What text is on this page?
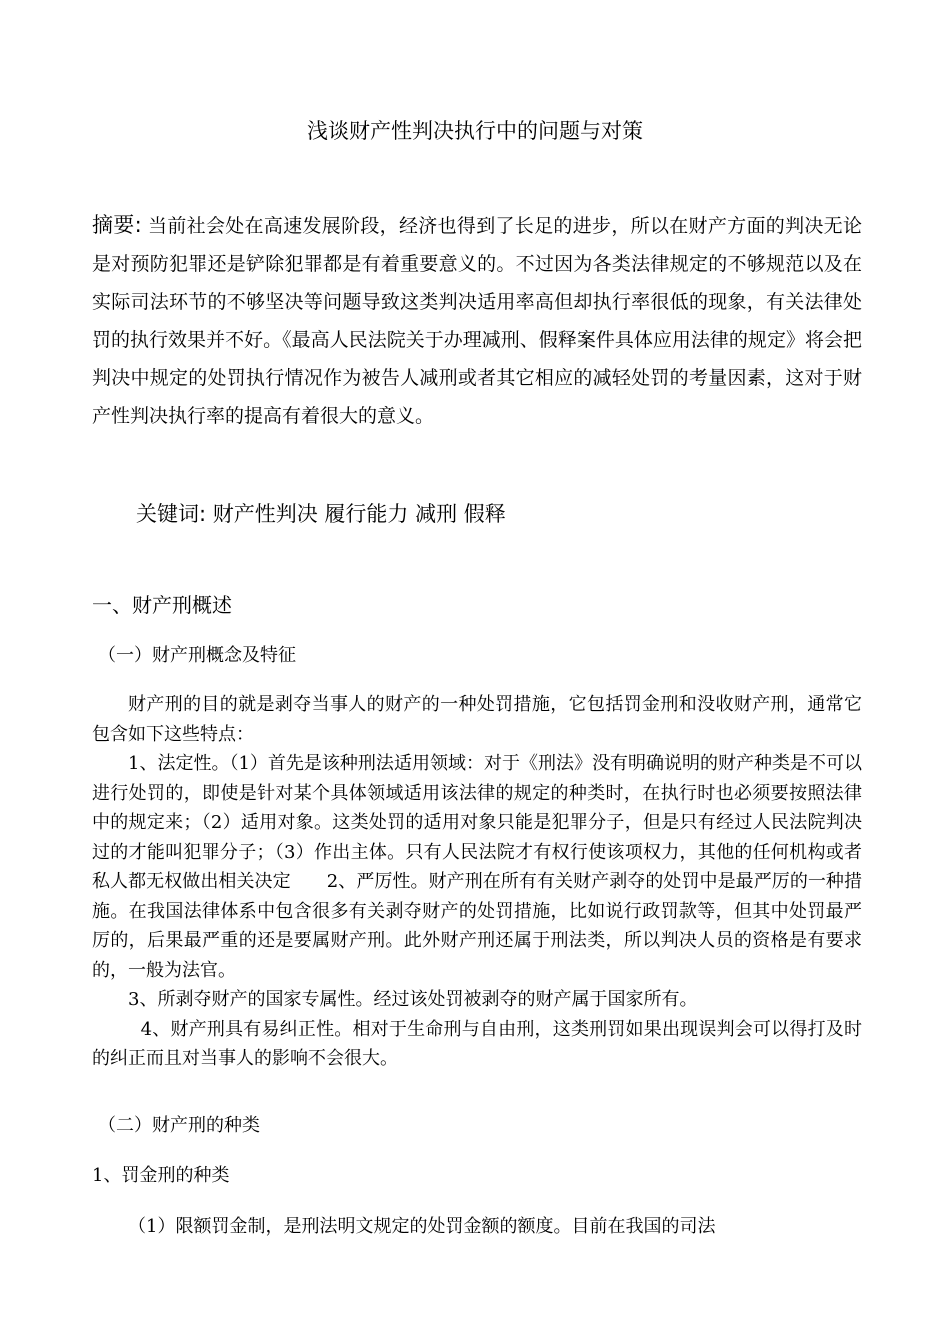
浅谈财产性判决执行中的问题与对策
摘要: 当前社会处在高速发展阶段，经济也得到了长足的进步，所以在财产方面的判决无论是对预防犯罪还是铲除犯罪都是有着重要意义的。不过因为各类法律规定的不够规范以及在实际司法环节的不够坚决等问题导致这类判决适用率高但却执行率很低的现象，有关法律处罚的执行效果并不好。《最高人民法院关于办理减刑、假释案件具体应用法律的规定》将会把判决中规定的处罚执行情况作为被告人减刑或者其它相应的减轻处罚的考量因素，这对于财产性判决执行率的提高有着很大的意义。
关键词: 财产性判决 履行能力 减刑 假释
一、财产刑概述
（一）财产刑概念及特征

财产刑的目的就是剥夺当事人的财产的一种处罚措施，它包括罚金刑和没收财产刑，通常它包含如下这些特点：

1、法定性。（1）首先是该种刑法适用领域：对于《刑法》没有明确说明的财产种类是不可以进行处罚的，即使是针对某个具体领域适用该法律的规定的种类时，在执行时也必须要按照法律中的规定来；（2）适用对象。这类处罚的适用对象只能是犯罪分子，但是只有经过人民法院判决过的才能叫犯罪分子；（3）作出主体。只有人民法院才有权行使该项权力，其他的任何机构或者私人都无权做出相关决定　　2、严厉性。财产刑在所有有关财产剥夺的处罚中是最严厉的一种措施。在我国法律体系中包含很多有关剥夺财产的处罚措施，比如说行政罚款等，但其中处罚最严厉的，后果最严重的还是要属财产刑。此外财产刑还属于刑法类，所以判决人员的资格是有要求的，一般为法官。

3、所剥夺财产的国家专属性。经过该处罚被剥夺的财产属于国家所有。

4、财产刑具有易纠正性。相对于生命刑与自由刑，这类刑罚如果出现误判会可以得打及时的纠正而且对当事人的影响不会很大。

（二）财产刑的种类
1、罚金刑的种类

（1）限额罚金制，是刑法明文规定的处罚金额的额度。目前在我国的司法
